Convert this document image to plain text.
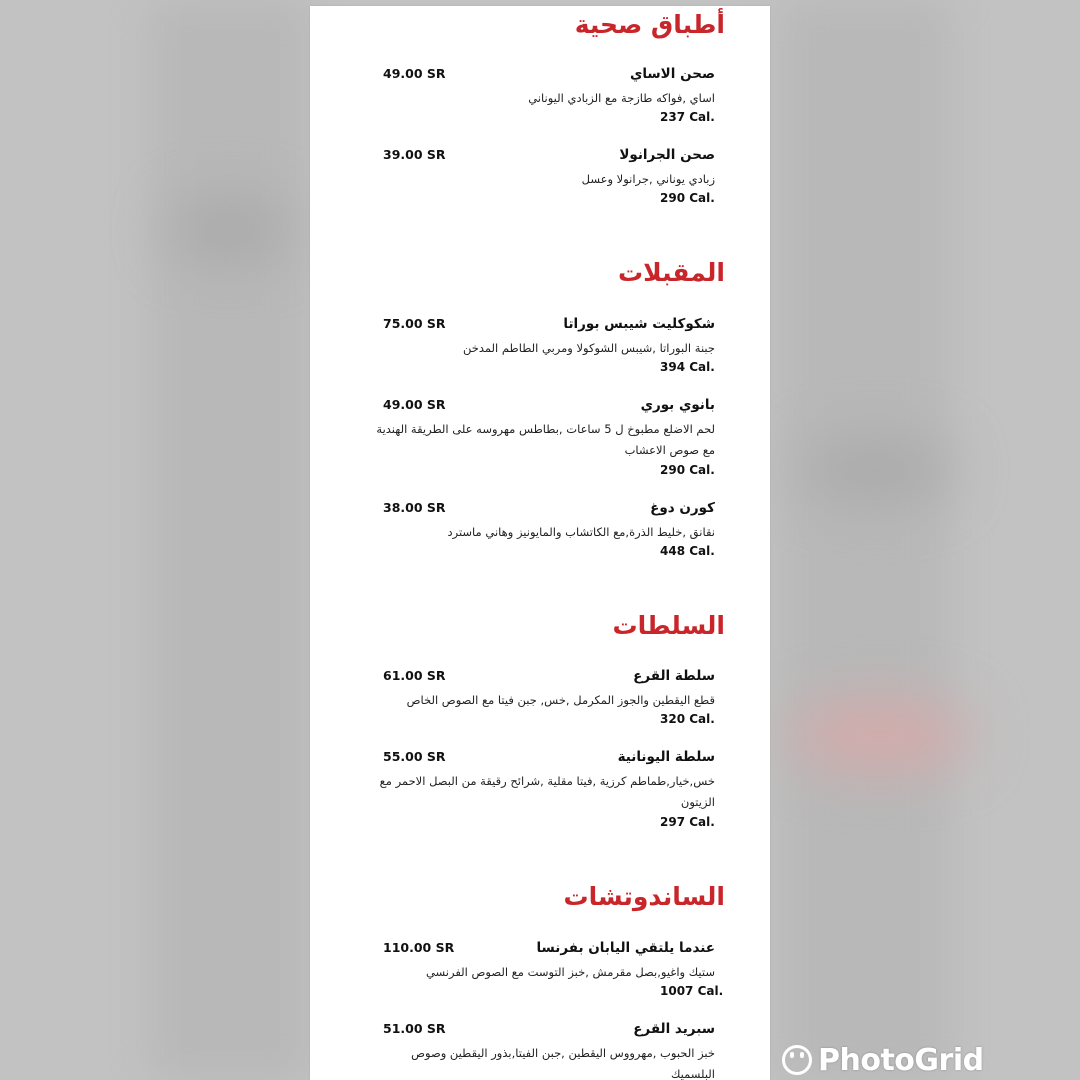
أطباق صحية
صحن الاساي
49.00 SR
اساي ,فواكه طازجة مع الزبادي اليوناني
237 Cal.
صحن الجرانولا
39.00 SR
زبادي يوناني ,جرانولا وعسل
290 Cal.
المقبلات
شكوكليت شيبس بوراتا
75.00 SR
جبنة البوراتا ,شيبس الشوكولا ومربي الطاطم المدخن
394 Cal.
بانوي بوري
49.00 SR
لحم الاضلع مطبوخ ل 5 ساعات ,بطاطس مهروسه على الطريقة الهندية مع صوص الاعشاب
290 Cal.
كورن دوغ
38.00 SR
نقانق ,خليط الذرة,مع الكاتشاب والمايونيز وهاني ماسترد
448 Cal.
السلطات
سلطة القرع
61.00 SR
قطع اليقطين والجوز المكرمل ,خس, جبن فيتا مع الصوص الخاص
320 Cal.
سلطة اليونانية
55.00 SR
خس,خيار,طماطم كرزية ,فيتا مقلية ,شرائح رقيقة من البصل الاحمر مع الزيتون
297 Cal.
الساندوتشات
عندما يلتقي اليابان بفرنسا
110.00 SR
ستيك واغيو,بصل مقرمش ,خبز التوست مع الصوص الفرنسي
1007 Cal.
سبريد القرع
51.00 SR
خبز الحبوب ,مهرووس اليقطين ,جبن الفيتا,بذور اليقطين وصوص البلسميك	PhotoGrid
